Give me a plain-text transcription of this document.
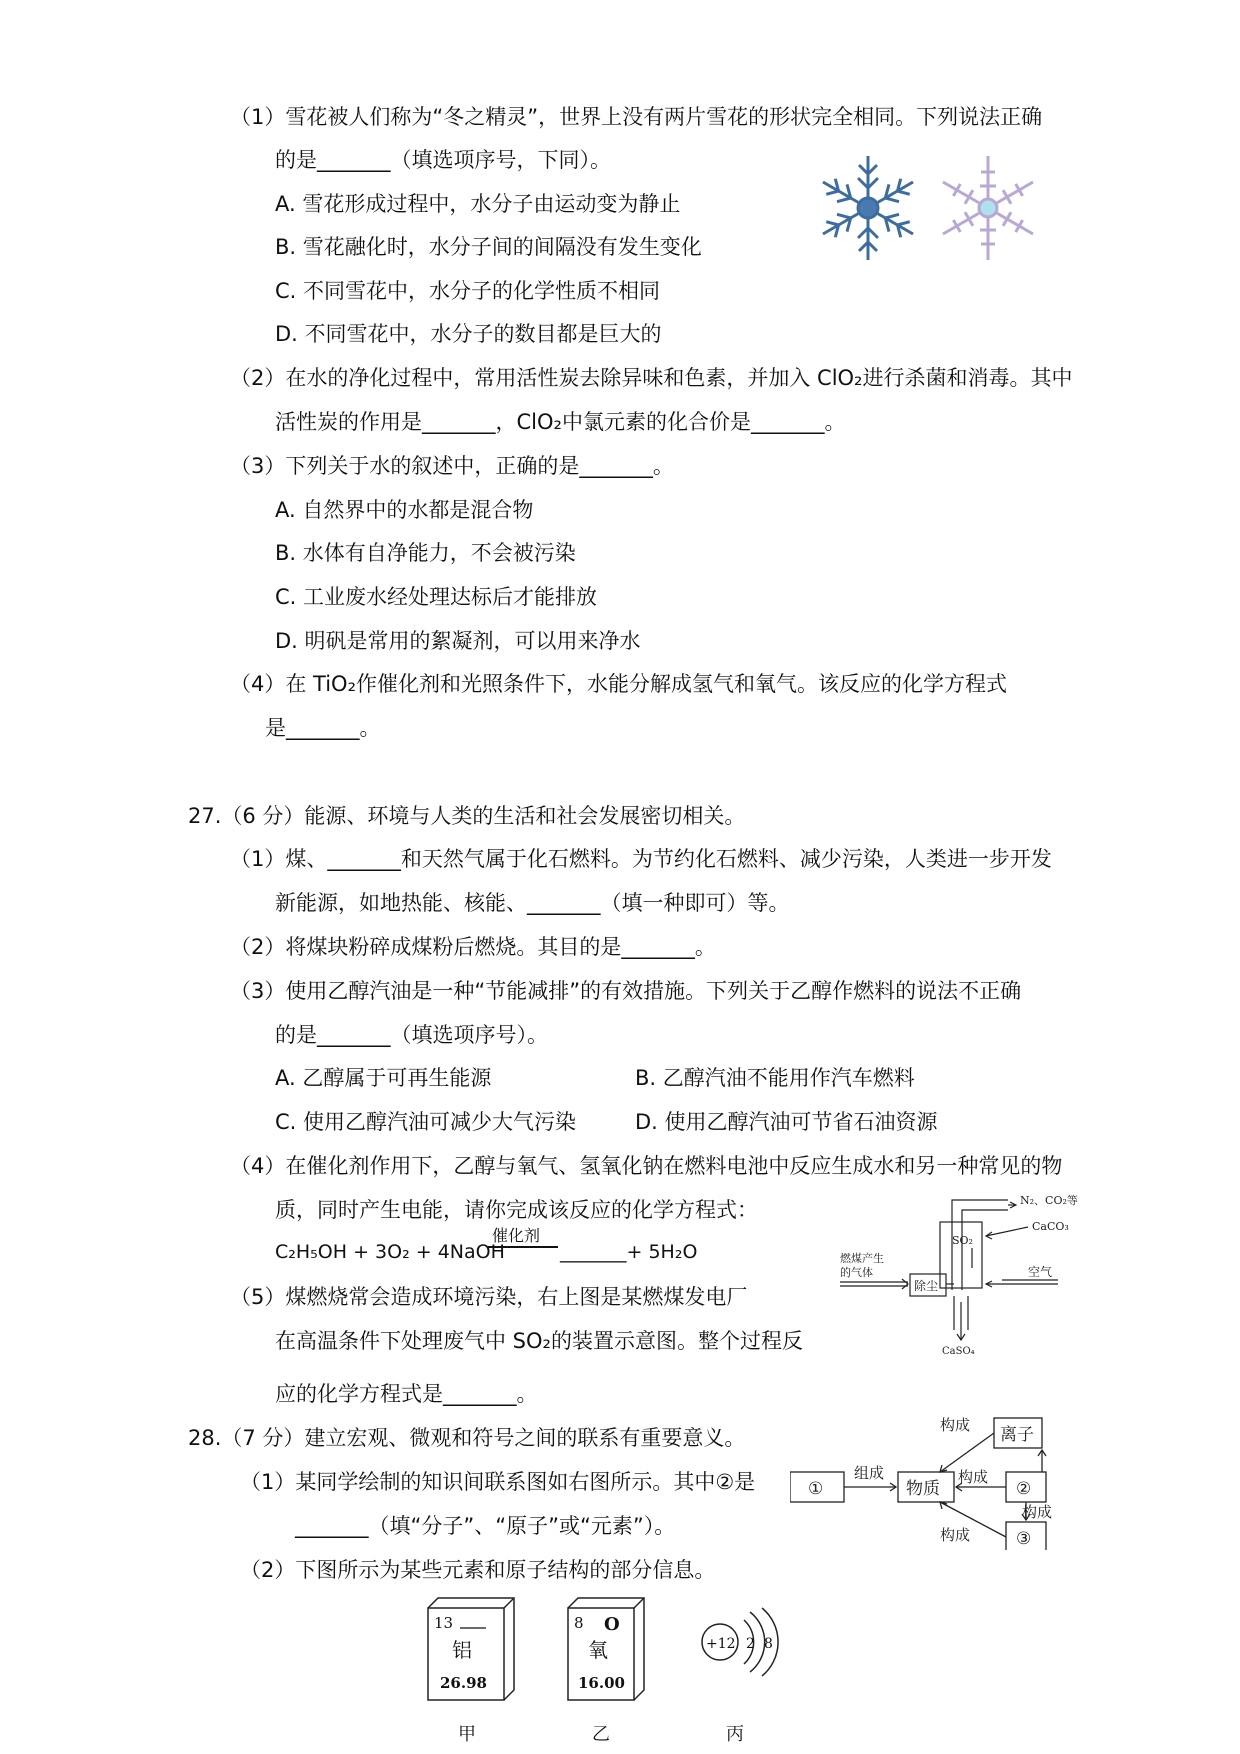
（1）雪花被人们称为“冬之精灵”，世界上没有两片雪花的形状完全相同。下列说法正确
的是_______（填选项序号，下同）。
A. 雪花形成过程中，水分子由运动变为静止
B. 雪花融化时，水分子间的间隔没有发生变化
C. 不同雪花中，水分子的化学性质不相同
D. 不同雪花中，水分子的数目都是巨大的
（2）在水的净化过程中，常用活性炭去除异味和色素，并加入 ClO₂进行杀菌和消毒。其中
活性炭的作用是_______，ClO₂中氯元素的化合价是_______。
（3）下列关于水的叙述中，正确的是_______。
A. 自然界中的水都是混合物
B. 水体有自净能力，不会被污染
C. 工业废水经处理达标后才能排放
D. 明矾是常用的絮凝剂，可以用来净水
（4）在 TiO₂作催化剂和光照条件下，水能分解成氢气和氧气。该反应的化学方程式
是_______。
27.（6 分）能源、环境与人类的生活和社会发展密切相关。
（1）煤、_______和天然气属于化石燃料。为节约化石燃料、减少污染，人类进一步开发
新能源，如地热能、核能、_______（填一种即可）等。
（2）将煤块粉碎成煤粉后燃烧。其目的是_______。
（3）使用乙醇汽油是一种“节能减排”的有效措施。下列关于乙醇作燃料的说法不正确
的是_______（填选项序号）。
A. 乙醇属于可再生能源	B. 乙醇汽油不能用作汽车燃料
C. 使用乙醇汽油可减少大气污染	D. 使用乙醇汽油可节省石油资源
（4）在催化剂作用下，乙醇与氧气、氢氧化钠在燃料电池中反应生成水和另一种常见的物
质，同时产生电能，请你完成该反应的化学方程式：
C₂H₅OH + 3O₂ + 4NaOH
催化剂
_______+ 5H₂O
（5）煤燃烧常会造成环境污染，右上图是某燃煤发电厂
在高温条件下处理废气中 SO₂的装置示意图。整个过程反
应的化学方程式是_______。
N₂、CO₂等
CaCO₃
燃煤产生
的气体
SO₂
除尘
空气
CaSO₄
28.（7 分）建立宏观、微观和符号之间的联系有重要意义。
（1）某同学绘制的知识间联系图如右图所示。其中②是
_______（填“分子”、“原子”或“元素”）。
（2）下图所示为某些元素和原子结构的部分信息。
①	物质
离子
②
③
组成
构成
构成
构成
构成
13
铝
26.98
甲
8 O
氧
16.00
乙
+12 2 8
丙
